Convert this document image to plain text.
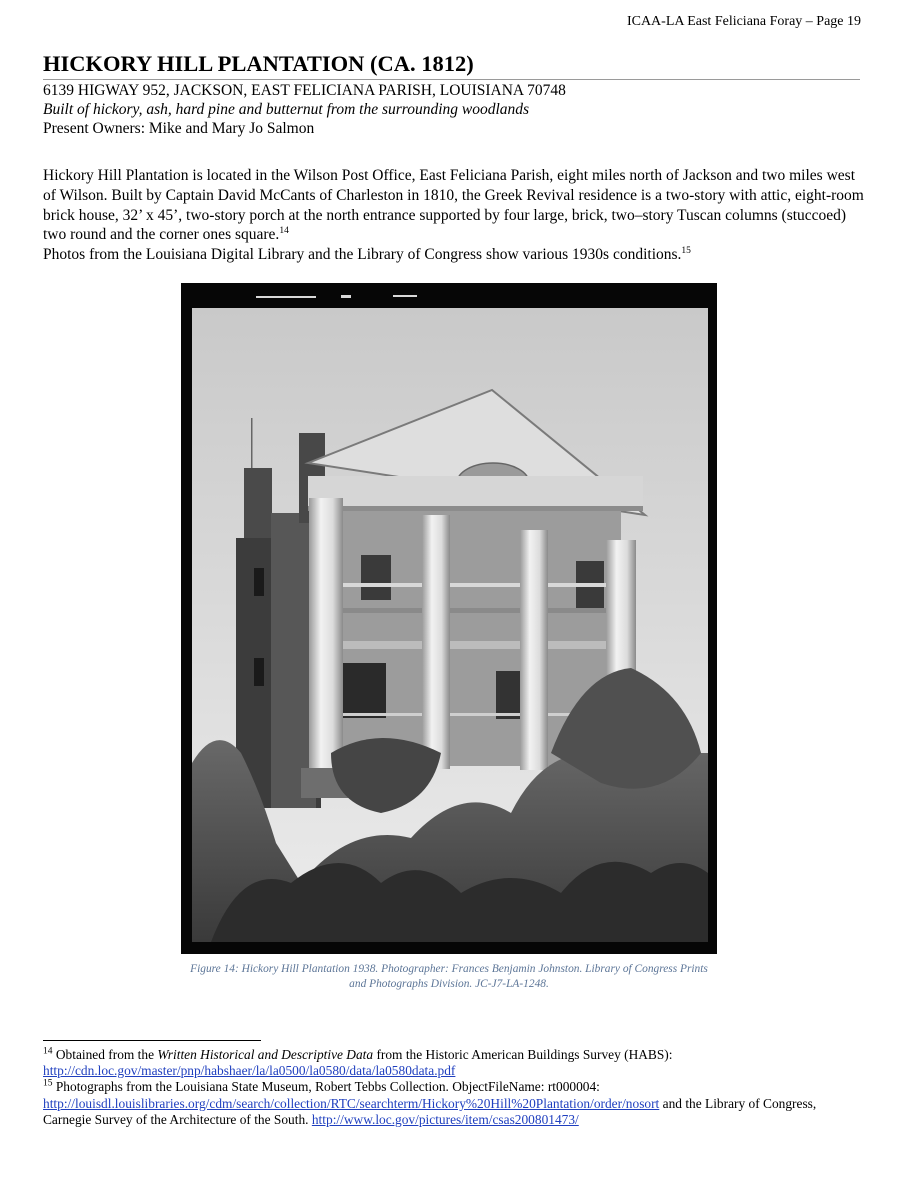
ICAA-LA East Feliciana Foray – Page 19
HICKORY HILL PLANTATION (CA. 1812)
6139 HIGWAY 952, JACKSON, EAST FELICIANA PARISH, LOUISIANA 70748
Built of hickory, ash, hard pine and butternut from the surrounding woodlands
Present Owners: Mike and Mary Jo Salmon

Hickory Hill Plantation is located in the Wilson Post Office, East Feliciana Parish, eight miles north of Jackson and two miles west of Wilson. Built by Captain David McCants of Charleston in 1810, the Greek Revival residence is a two-story with attic, eight-room brick house, 32’ x 45’, two-story porch at the north entrance supported by four large, brick, two–story Tuscan columns (stuccoed) two round and the corner ones square.$^{14}$
Photos from the Louisiana Digital Library and the Library of Congress show various 1930s conditions.$^{15}$

Figure 14: Hickory Hill Plantation 1938. Photographer: Frances Benjamin Johnston. Library of Congress Prints and Photographs Division. JC-J7-LA-1248.

$^{14}$ Obtained from the Written Historical and Descriptive Data from the Historic American Buildings Survey (HABS):
http://cdn.loc.gov/master/pnp/habshaer/la/la0500/la0580/data/la0580data.pdf

$^{15}$ Photographs from the Louisiana State Museum, Robert Tebbs Collection. ObjectFileName: rt000004:
http://louisdl.louislibraries.org/cdm/search/collection/RTC/searchterm/Hickory%20Hill%20Plantation/order/nosort and the Library of Congress, Carnegie Survey of the Architecture of the South. http://www.loc.gov/pictures/item/csas200801473/
